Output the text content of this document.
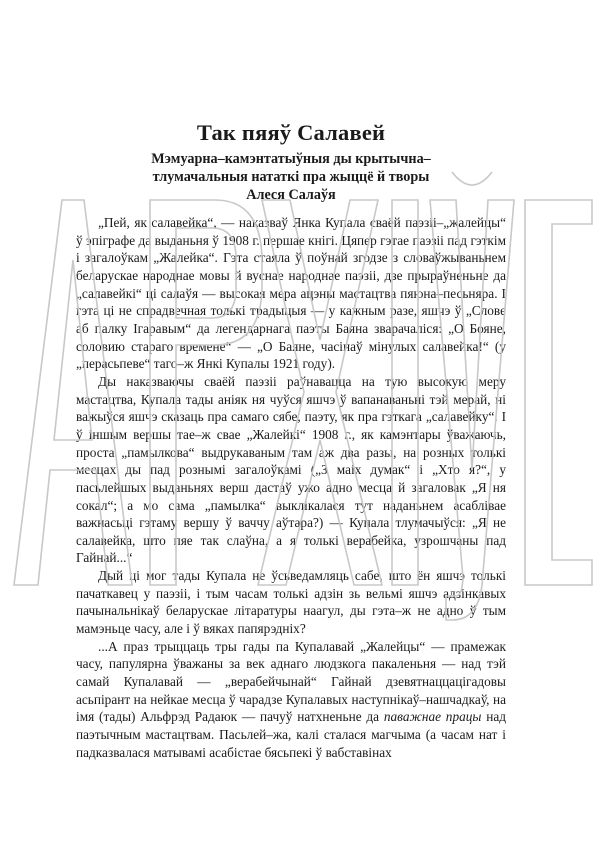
Так пяяў Салавей
Мэмуарна–камэнтатыўныя ды крытычна–
тлумачальныя нататкі пра жыццё й творы
Алеся Салаўя

„Пей, як салавейка“, — наказваў Янка Купала сваёй паэзіі–„жалейцы“ ў эпіграфе да выданьня ў 1908 г. першае кнігі. Цяпер гэтае паэзіі пад гэткім і загалоўкам „Жалейка“. Гэта стаяла ў поўнай згодзе з словаўжываньнем беларускае народнае мовы й вуснае народнае паэзіі, дзе прыраўненьне да „салавейкі“ ці салаўя — высокая мера ацэны мастацтва пяюна–песьняра. І гэта ці не спрадвечная толькі традыцыя — у кажным разе, яшчэ ў „Слове аб палку Ігаравым“ да легендарнага паэты Баяна зварачаліся: „О Бояне, соловию стараго времене“ — „О Баяне, часінаў мінулых салавейка!“ (у „перасьпеве“ таго–ж Янкі Купалы 1921 году).

Ды наказваючы сваёй паэзіі раўнавацца на тую высокую меру мастацтва, Купала тады аніяк ня чуўся яшчэ ў вапанаваньні тэй мерай, ні важыўся яшчэ сказаць пра самаго сябе, паэту, як пра гэткага „салавейку“. І ў іншым вершы тае–ж свае „Жалейкі“ 1908 г., як камэнтары ўважаючь, проста „памылкова“ выдрукаваным там аж два разы, на розных толькі месцах ды пад рознымі загалоўкамі („З маіх думак“ і „Хто я?“, у пасьлейшых выданьнях верш дастаў ужо адно месца й загаловак „Я ня сокал“; а мо сама „памылка“ выклікалася тут наданьнем асаблівае важнасьці гэтаму вершу ў ваччу аўтара?) — Купала тлумачыўся: „Я не салавейка, што пяе так слаўна, а я толькі верабейка, узрошчаны пад Гайнай...“

Дый ці мог тады Купала не ўсьведамляць сабе, што ён яшчэ толькі пачаткавец у паэзіі, і тым часам толькі адзін зь вельмі яшчэ адзінкавых пачынальнікаў беларускае літаратуры наагул, ды гэта–ж не адно ў тым мамэньце часу, але і ў вяках папярэдніх?

...А праз трыццаць тры гады па Купалавай „Жалейцы“ — прамежак часу, папулярна ўважаны за век аднаго людзкога пакаленьня — над тэй самай Купалавай — „верабейчынай“ Гайнай дзевятнаццацігадовы асьпірант на нейкае месца ў чарадзе Купалавых наступнікаў–нашчадкаў, на імя (тады) Альфрэд Радаюк — пачуў натхненьне да паважнае працы над паэтычным мастацтвам. Пасьлей–жа, калі сталася магчыма (а часам нат і падказвалася матывамі асабістае бясьпекі ў вабставінах
